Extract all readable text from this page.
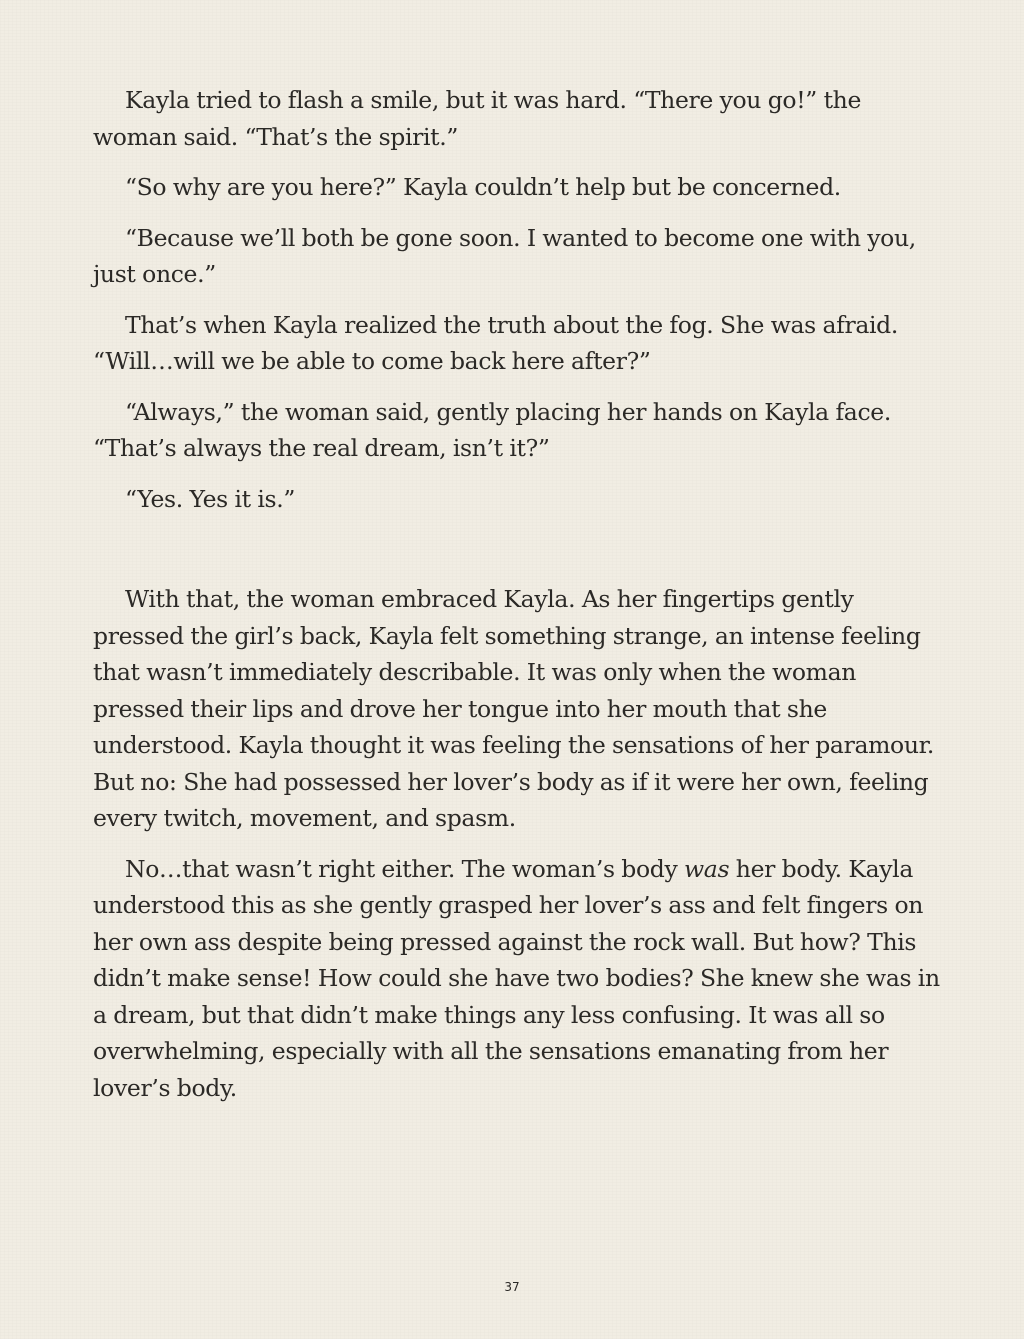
Kayla tried to flash a smile, but it was hard. “There you go!” the woman said. “That’s the spirit.”

“So why are you here?” Kayla couldn’t help but be concerned.

“Because we’ll both be gone soon. I wanted to become one with you, just once.”

That’s when Kayla realized the truth about the fog. She was afraid. “Will…will we be able to come back here after?”

“Always,” the woman said, gently placing her hands on Kayla face. “That’s always the real dream, isn’t it?”

“Yes. Yes it is.”

With that, the woman embraced Kayla. As her fingertips gently pressed the girl’s back, Kayla felt something strange, an intense feeling that wasn’t immediately describable. It was only when the woman pressed their lips and drove her tongue into her mouth that she understood. Kayla thought it was feeling the sensations of her paramour. But no: She had possessed her lover’s body as if it were her own, feeling every twitch, movement, and spasm.

No…that wasn’t right either. The woman’s body was her body. Kayla understood this as she gently grasped her lover’s ass and felt fingers on her own ass despite being pressed against the rock wall. But how? This didn’t make sense! How could she have two bodies? She knew she was in a dream, but that didn’t make things any less confusing. It was all so overwhelming, especially with all the sensations emanating from her lover’s body.

37
